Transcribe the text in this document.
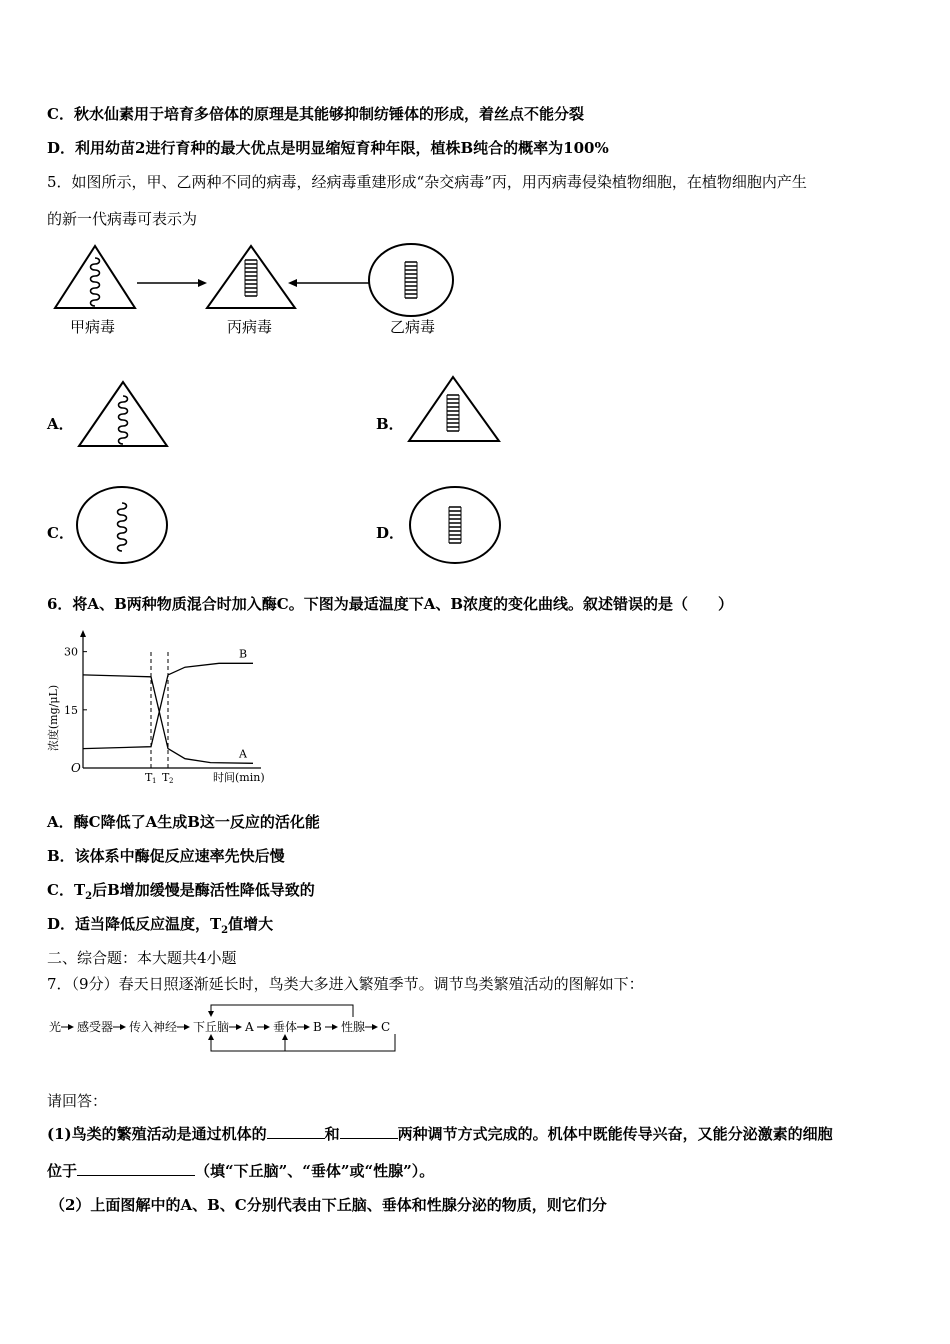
C．秋水仙素用于培育多倍体的原理是其能够抑制纺锤体的形成，着丝点不能分裂
D．利用幼苗2进行育种的最大优点是明显缩短育种年限，植株B纯合的概率为100%
5．如图所示，甲、乙两种不同的病毒，经病毒重建形成“杂交病毒”丙，用丙病毒侵染植物细胞，在植物细胞内产生
的新一代病毒可表示为
甲病毒	丙病毒	乙病毒
A．	B．
C．	D．
6．将A、B两种物质混合时加入酶C。下图为最适温度下A、B浓度的变化曲线。叙述错误的是（　　）
O
15
30
浓度(mg/μL)
时间(min)
T 1 T 2
A
B
A．酶C降低了A生成B这一反应的活化能
B．该体系中酶促反应速率先快后慢
C．$T_2$后B增加缓慢是酶活性降低导致的
D．适当降低反应温度，$T_2$值增大
二、综合题：本大题共4小题
7．（9分）春天日照逐渐延长时，鸟类大多进入繁殖季节。调节鸟类繁殖活动的图解如下：
光 感受器 传入神经 下丘脑 A 垂体 B 性腺 C
请回答：
(1)鸟类的繁殖活动是通过机体的	和	两种调节方式完成的。机体中既能传导兴奋，又能分泌激素的细胞
位于	（填“下丘脑”、“垂体”或“性腺”）。
（2）上面图解中的A、B、C分别代表由下丘脑、垂体和性腺分泌的物质，则它们分
